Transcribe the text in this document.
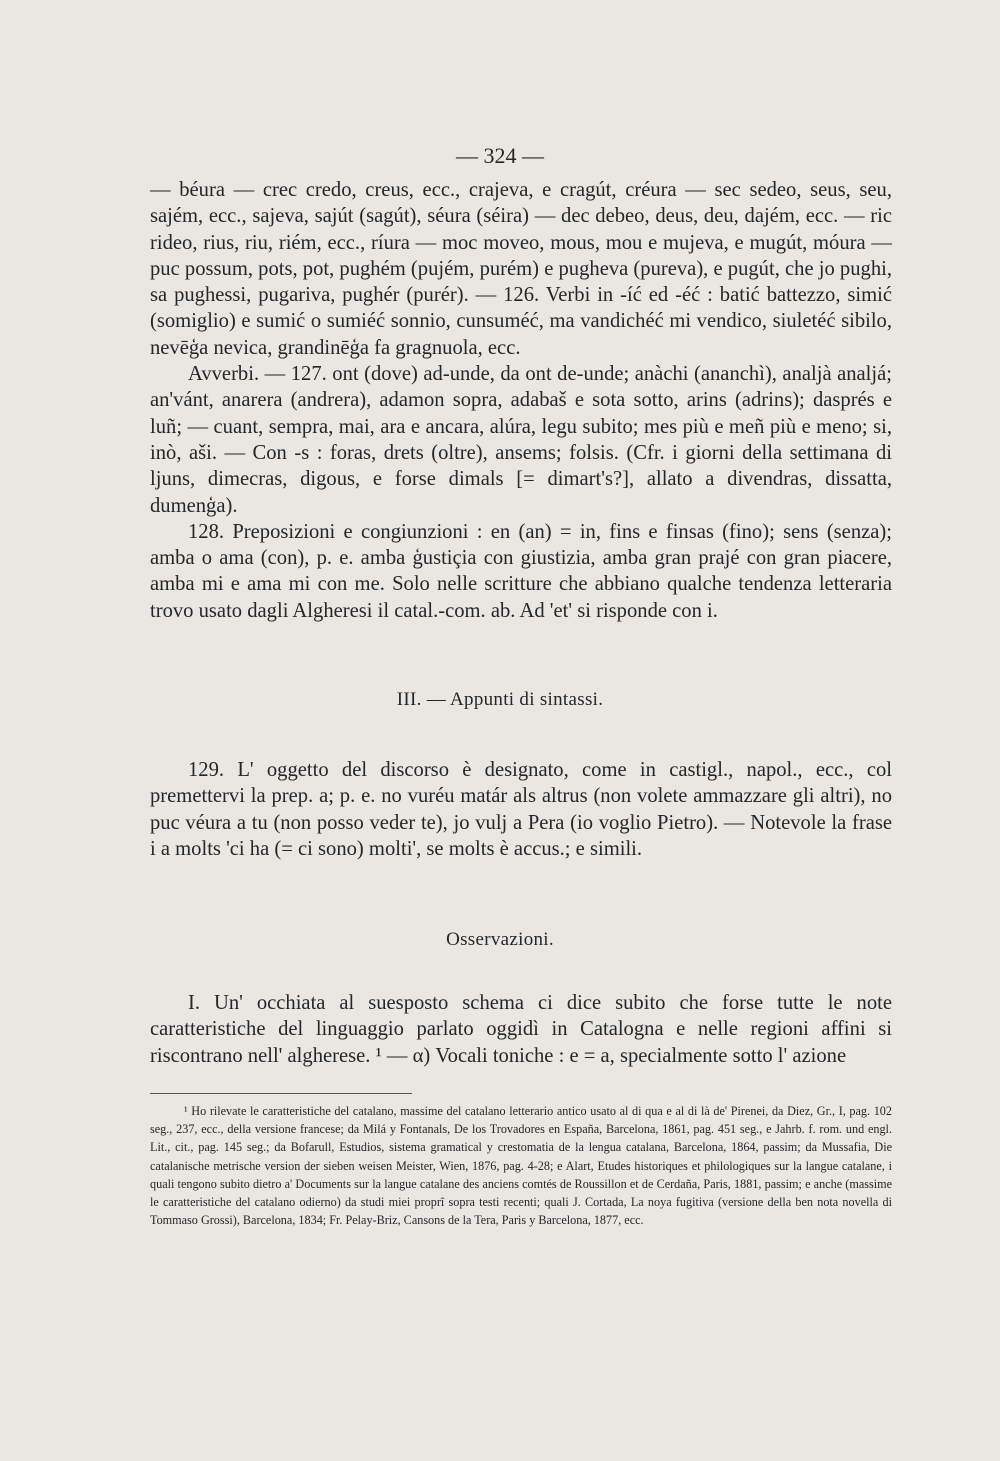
— 324 —

— béura — crec credo, creus, ecc., crajeva, e cragút, créura — sec sedeo, seus, seu, sajém, ecc., sajeva, sajút (sagút), séura (séira) — dec debeo, deus, deu, dajém, ecc. — ric rideo, rius, riu, riém, ecc., ríura — moc moveo, mous, mou e mujeva, e mugút, móura — puc possum, pots, pot, pughém (pujém, purém) e pugheva (pureva), e pugút, che jo pughi, sa pughessi, pugariva, pughér (purér). — 126. Verbi in -íć ed -éć : batić battezzo, simić (somiglio) e sumić o sumiéć sonnio, cunsuméć, ma vandichéć mi vendico, siuletéć sibilo, nevēģa nevica, grandinēģa fa gragnuola, ecc.

Avverbi. — 127. ont (dove) ad-unde, da ont de-unde; anàchi (ananchì), analjà analjá; an'vánt, anarera (andrera), adamon sopra, adabaš e sota sotto, arins (adrins); dasprés e luñ; — cuant, sempra, mai, ara e ancara, alúra, legu subito; mes più e meñ più e meno; si, inò, aši. — Con -s : foras, drets (oltre), ansems; folsis. (Cfr. i giorni della settimana di ljuns, dimecras, digous, e forse dimals [= dimart's?], allato a divendras, dissatta, dumenģa).

128. Preposizioni e congiunzioni : en (an) = in, fins e finsas (fino); sens (senza); amba o ama (con), p. e. amba ģustiçia con giustizia, amba gran prajé con gran piacere, amba mi e ama mi con me. Solo nelle scritture che abbiano qualche tendenza letteraria trovo usato dagli Algheresi il catal.-com. ab. Ad 'et' si risponde con i.

III. — Appunti di sintassi.

129. L' oggetto del discorso è designato, come in castigl., napol., ecc., col premettervi la prep. a; p. e. no vuréu matár als altrus (non volete ammazzare gli altri), no puc véura a tu (non posso veder te), jo vulj a Pera (io voglio Pietro). — Notevole la frase i a molts 'ci ha (= ci sono) molti', se molts è accus.; e simili.

Osservazioni.

I. Un' occhiata al suesposto schema ci dice subito che forse tutte le note caratteristiche del linguaggio parlato oggidì in Catalogna e nelle regioni affini si riscontrano nell' algherese. ¹ — α) Vocali toniche : e = a, specialmente sotto l' azione

¹ Ho rilevate le caratteristiche del catalano, massime del catalano letterario antico usato al di qua e al di là de' Pirenei, da Diez, Gr., I, pag. 102 seg., 237, ecc., della versione francese; da Milá y Fontanals, De los Trovadores en España, Barcelona, 1861, pag. 451 seg., e Jahrb. f. rom. und engl. Lit., cit., pag. 145 seg.; da Bofarull, Estudios, sistema gramatical y crestomatia de la lengua catalana, Barcelona, 1864, passim; da Mussafia, Die catalanische metrische version der sieben weisen Meister, Wien, 1876, pag. 4-28; e Alart, Etudes historiques et philologiques sur la langue catalane, i quali tengono subito dietro a' Documents sur la langue catalane des anciens comtés de Roussillon et de Cerdaña, Paris, 1881, passim; e anche (massime le caratteristiche del catalano odierno) da studi miei proprî sopra testi recenti; quali J. Cortada, La noya fugitiva (versione della ben nota novella di Tommaso Grossi), Barcelona, 1834; Fr. Pelay-Briz, Cansons de la Tera, Paris y Barcelona, 1877, ecc.
